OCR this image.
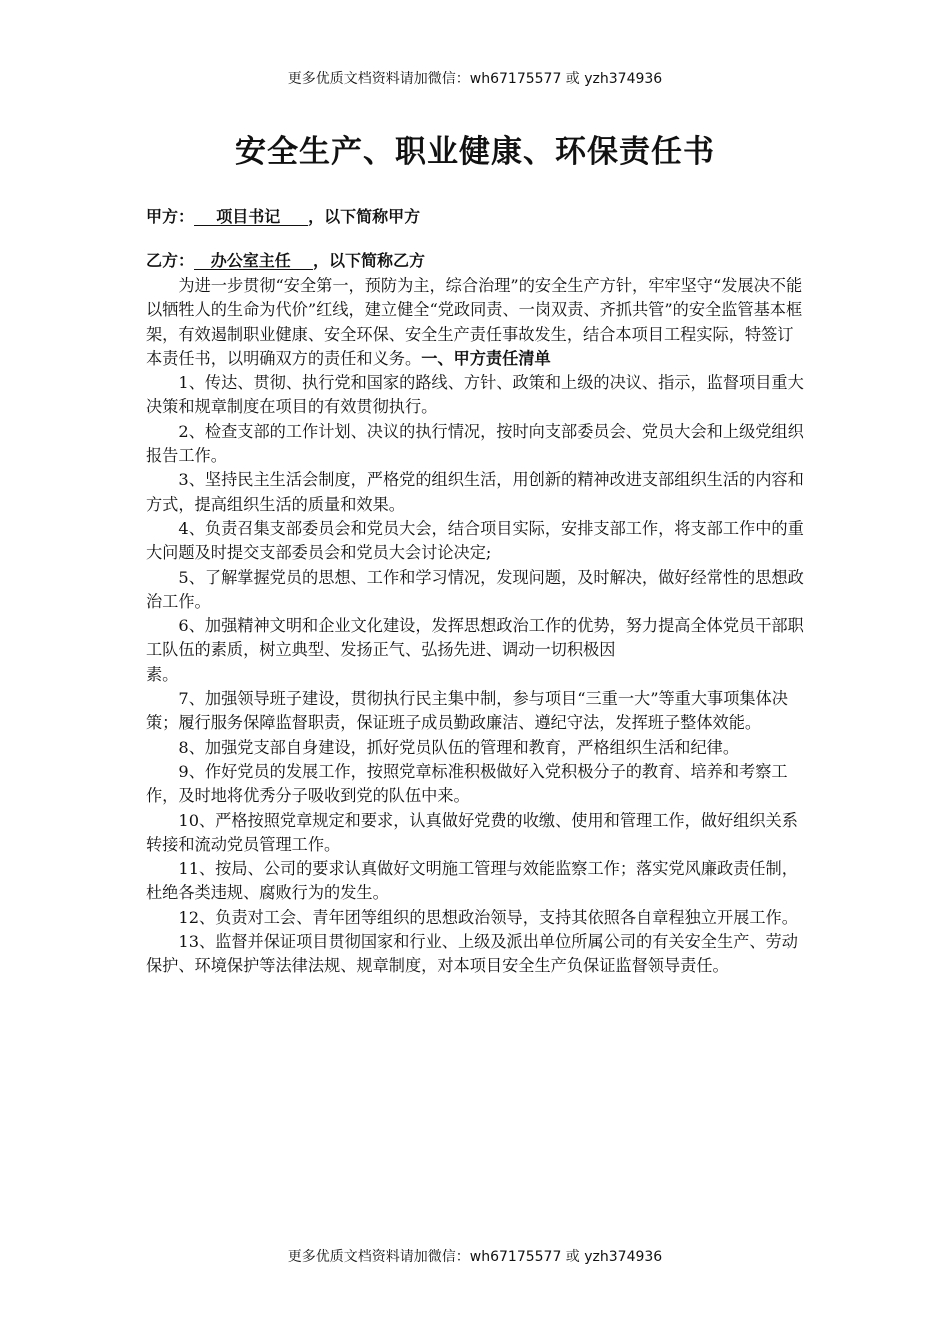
更多优质文档资料请加微信：wh67175577 或 yzh374936
安全生产、职业健康、环保责任书
甲方：    项目书记     ，以下简称甲方
乙方：   办公室主任    ，以下简称乙方

为进一步贯彻“安全第一，预防为主，综合治理”的安全生产方针，牢牢坚守“发展决不能以牺牲人的生命为代价”红线，建立健全“党政同责、一岗双责、齐抓共管”的安全监管基本框架，有效遏制职业健康、安全环保、安全生产责任事故发生，结合本项目工程实际，特签订本责任书，以明确双方的责任和义务。一、甲方责任清单

1、传达、贯彻、执行党和国家的路线、方针、政策和上级的决议、指示，监督项目重大决策和规章制度在项目的有效贯彻执行。

2、检查支部的工作计划、决议的执行情况，按时向支部委员会、党员大会和上级党组织报告工作。

3、坚持民主生活会制度，严格党的组织生活，用创新的精神改进支部组织生活的内容和方式，提高组织生活的质量和效果。

4、负责召集支部委员会和党员大会，结合项目实际，安排支部工作，将支部工作中的重大问题及时提交支部委员会和党员大会讨论决定;

5、了解掌握党员的思想、工作和学习情况，发现问题，及时解决，做好经常性的思想政治工作。

6、加强精神文明和企业文化建设，发挥思想政治工作的优势，努力提高全体党员干部职工队伍的素质，树立典型、发扬正气、弘扬先进、调动一切积极因

素。

7、加强领导班子建设，贯彻执行民主集中制，参与项目“三重一大”等重大事项集体决策；履行服务保障监督职责，保证班子成员勤政廉洁、遵纪守法，发挥班子整体效能。

8、加强党支部自身建设，抓好党员队伍的管理和教育，严格组织生活和纪律。

9、作好党员的发展工作，按照党章标准积极做好入党积极分子的教育、培养和考察工作，及时地将优秀分子吸收到党的队伍中来。

10、严格按照党章规定和要求，认真做好党费的收缴、使用和管理工作，做好组织关系转接和流动党员管理工作。

11、按局、公司的要求认真做好文明施工管理与效能监察工作；落实党风廉政责任制，杜绝各类违规、腐败行为的发生。

12、负责对工会、青年团等组织的思想政治领导，支持其依照各自章程独立开展工作。

13、监督并保证项目贯彻国家和行业、上级及派出单位所属公司的有关安全生产、劳动保护、环境保护等法律法规、规章制度，对本项目安全生产负保证监督领导责任。

更多优质文档资料请加微信：wh67175577 或 yzh374936
